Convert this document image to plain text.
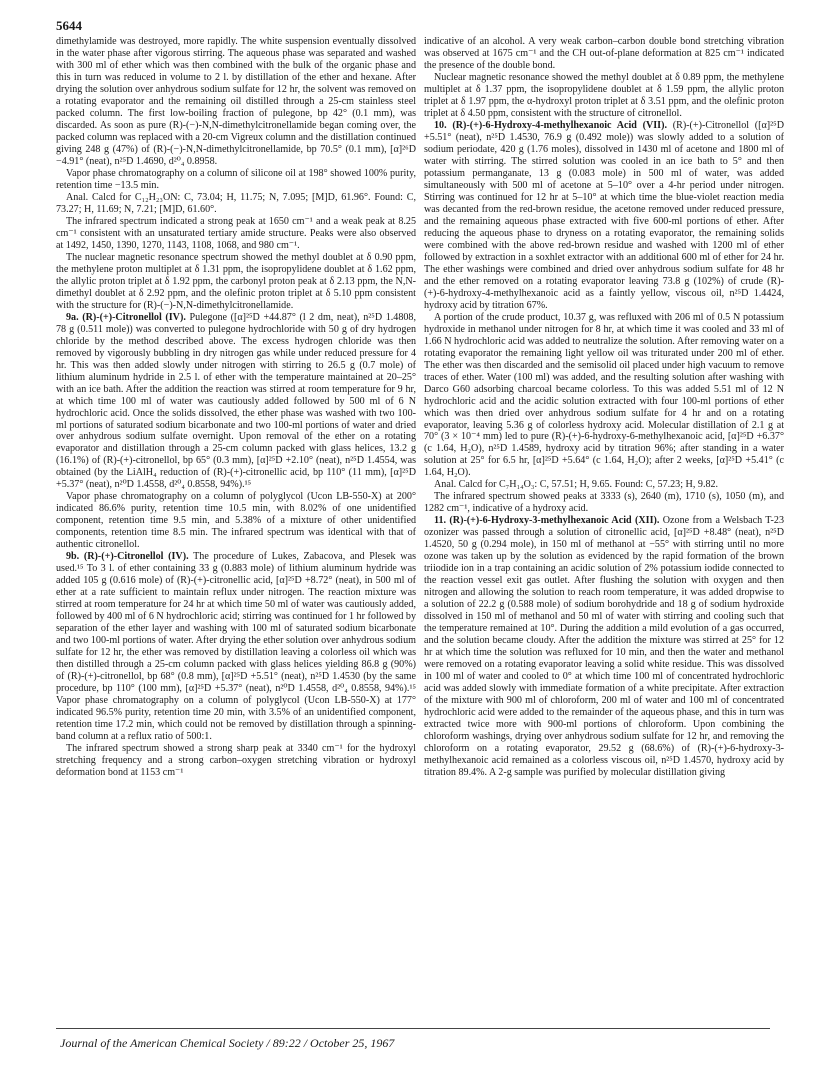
5644

dimethylamide was destroyed, more rapidly. The white suspension eventually dissolved in the water phase after vigorous stirring. The aqueous phase was separated and washed with 300 ml of ether which was then combined with the bulk of the organic phase and this in turn was reduced in volume to 2 l. by distillation of the ether and hexane. After drying the solution over anhydrous sodium sulfate for 12 hr, the solvent was removed on a rotating evaporator and the remaining oil distilled through a 25-cm stainless steel packed column. The first low-boiling fraction of pulegone, bp 42° (0.1 mm), was discarded. As soon as pure (R)-(−)-N,N-dimethylcitronellamide began coming over, the packed column was replaced with a 20-cm Vigreux column and the distillation continued giving 248 g (47%) of (R)-(−)-N,N-dimethylcitronellamide, bp 70.5° (0.1 mm), [α]²⁶D −4.91° (neat), n²⁵D 1.4690, d²⁰₄ 0.8958.

Vapor phase chromatography on a column of silicone oil at 198° showed 100% purity, retention time −13.5 min.

Anal. Calcd for C₁₂H₂₃ON: C, 73.04; H, 11.75; N, 7.095; [M]D, 61.96°. Found: C, 73.27; H, 11.69; N, 7.21; [M]D, 61.60°.

The infrared spectrum indicated a strong peak at 1650 cm⁻¹ and a weak peak at 8.25 cm⁻¹ consistent with an unsaturated tertiary amide structure. Peaks were also observed at 1492, 1450, 1390, 1270, 1143, 1108, 1068, and 980 cm⁻¹.

The nuclear magnetic resonance spectrum showed the methyl doublet at δ 0.90 ppm, the methylene proton multiplet at δ 1.31 ppm, the isopropylidene doublet at δ 1.62 ppm, the allylic proton triplet at δ 1.92 ppm, the carbonyl proton peak at δ 2.13 ppm, the N,N-dimethyl doublet at δ 2.92 ppm, and the olefinic proton triplet at δ 5.10 ppm consistent with the structure for (R)-(−)-N,N-dimethylcitronellamide.

9a. (R)-(+)-Citronellol (IV). Pulegone ([α]²⁵D +44.87° (l 2 dm, neat), n²⁵D 1.4808, 78 g (0.511 mole)) was converted to pulegone hydrochloride with 50 g of dry hydrogen chloride by the method described above. The excess hydrogen chloride was then removed by vigorously bubbling in dry nitrogen gas while under reduced pressure for 4 hr. This was then added slowly under nitrogen with stirring to 26.5 g (0.7 mole) of lithium aluminum hydride in 2.5 l. of ether with the temperature maintained at 20–25° with an ice bath. After the addition the reaction was stirred at room temperature for 9 hr, at which time 100 ml of water was cautiously added followed by 500 ml of 6 N hydrochloric acid. Once the solids dissolved, the ether phase was washed with two 100-ml portions of saturated sodium bicarbonate and two 100-ml portions of water and dried over anhydrous sodium sulfate overnight. Upon removal of the ether on a rotating evaporator and distillation through a 25-cm column packed with glass helices, 13.2 g (16.1%) of (R)-(+)-citronellol, bp 65° (0.3 mm), [α]²⁵D +2.10° (neat), n²⁵D 1.4554, was obtained (by the LiAlH₄ reduction of (R)-(+)-citronellic acid, bp 110° (11 mm), [α]²⁵D +5.37° (neat), n²⁰D 1.4558, d²⁰₄ 0.8558, 94%).¹⁵

Vapor phase chromatography on a column of polyglycol (Ucon LB-550-X) at 200° indicated 86.6% purity, retention time 10.5 min, with 8.02% of one unidentified component, retention time 9.5 min, and 5.38% of a mixture of other unidentified components, retention time 8.5 min. The infrared spectrum was identical with that of authentic citronellol.

9b. (R)-(+)-Citronellol (IV). The procedure of Lukes, Zabacova, and Plesek was used.¹⁵ To 3 l. of ether containing 33 g (0.883 mole) of lithium aluminum hydride was added 105 g (0.616 mole) of (R)-(+)-citronellic acid, [α]²⁵D +8.72° (neat), in 500 ml of ether at a rate sufficient to maintain reflux under nitrogen. The reaction mixture was stirred at room temperature for 24 hr at which time 50 ml of water was cautiously added, followed by 400 ml of 6 N hydrochloric acid; stirring was continued for 1 hr followed by separation of the ether layer and washing with 100 ml of saturated sodium bicarbonate and two 100-ml portions of water. After drying the ether solution over anhydrous sodium sulfate for 12 hr, the ether was removed by distillation leaving a colorless oil which was then distilled through a 25-cm column packed with glass helices yielding 86.8 g (90%) of (R)-(+)-citronellol, bp 68° (0.8 mm), [α]²⁵D +5.51° (neat), n²⁵D 1.4530 (by the same procedure, bp 110° (100 mm), [α]²⁵D +5.37° (neat), n²⁰D 1.4558, d²⁰₄ 0.8558, 94%).¹⁵ Vapor phase chromatography on a column of polyglycol (Ucon LB-550-X) at 177° indicated 96.5% purity, retention time 20 min, with 3.5% of an unidentified component, retention time 17.2 min, which could not be removed by distillation through a spinning-band column at a reflux ratio of 500:1.

The infrared spectrum showed a strong sharp peak at 3340 cm⁻¹ for the hydroxyl stretching frequency and a strong carbon–oxygen stretching vibration or hydroxyl deformation bond at 1153 cm⁻¹

indicative of an alcohol. A very weak carbon–carbon double bond stretching vibration was observed at 1675 cm⁻¹ and the CH out-of-plane deformation at 825 cm⁻¹ indicated the presence of the double bond.

Nuclear magnetic resonance showed the methyl doublet at δ 0.89 ppm, the methylene multiplet at δ 1.37 ppm, the isopropylidene doublet at δ 1.59 ppm, the allylic proton triplet at δ 1.97 ppm, the α-hydroxyl proton triplet at δ 3.51 ppm, and the olefinic proton triplet at δ 4.50 ppm, consistent with the structure of citronellol.

10. (R)-(+)-6-Hydroxy-4-methylhexanoic Acid (VII). (R)-(+)-Citronellol ([α]²⁵D +5.51° (neat), n²⁵D 1.4530, 76.9 g (0.492 mole)) was slowly added to a solution of sodium periodate, 420 g (1.76 moles), dissolved in 1430 ml of acetone and 1800 ml of water with stirring. The stirred solution was cooled in an ice bath to 5° and then potassium permanganate, 13 g (0.083 mole) in 500 ml of water, was added simultaneously with 500 ml of acetone at 5–10° over a 4-hr period under nitrogen. Stirring was continued for 12 hr at 5–10° at which time the blue-violet reaction media was decanted from the red-brown residue, the acetone removed under reduced pressure, and the remaining aqueous phase extracted with five 600-ml portions of ether. After reducing the aqueous phase to dryness on a rotating evaporator, the remaining solids were combined with the above red-brown residue and washed with 1200 ml of ether followed by extraction in a soxhlet extractor with an additional 600 ml of ether for 24 hr. The ether washings were combined and dried over anhydrous sodium sulfate for 48 hr and the ether removed on a rotating evaporator leaving 73.8 g (102%) of crude (R)-(+)-6-hydroxy-4-methylhexanoic acid as a faintly yellow, viscous oil, n²⁵D 1.4424, hydroxy acid by titration 67%.

A portion of the crude product, 10.37 g, was refluxed with 206 ml of 0.5 N potassium hydroxide in methanol under nitrogen for 8 hr, at which time it was cooled and 33 ml of 1.66 N hydrochloric acid was added to neutralize the solution. After removing water on a rotating evaporator the remaining light yellow oil was triturated under 200 ml of ether. The ether was then discarded and the semisolid oil placed under high vacuum to remove traces of ether. Water (100 ml) was added, and the resulting solution after washing with Darco G60 adsorbing charcoal became colorless. To this was added 5.51 ml of 12 N hydrochloric acid and the acidic solution extracted with four 100-ml portions of ether which was then dried over anhydrous sodium sulfate for 4 hr and on a rotating evaporator, leaving 5.36 g of colorless hydroxy acid. Molecular distillation of 2.1 g at 70° (3 × 10⁻⁴ mm) led to pure (R)-(+)-6-hydroxy-6-methylhexanoic acid, [α]²⁵D +6.37° (c 1.64, H₂O), n²⁵D 1.4589, hydroxy acid by titration 96%; after standing in a water solution at 25° for 6.5 hr, [α]²⁵D +5.64° (c 1.64, H₂O); after 2 weeks, [α]²⁵D +5.41° (c 1.64, H₂O).

Anal. Calcd for C₇H₁₄O₃: C, 57.51; H, 9.65. Found: C, 57.23; H, 9.82.

The infrared spectrum showed peaks at 3333 (s), 2640 (m), 1710 (s), 1050 (m), and 1282 cm⁻¹, indicative of a hydroxy acid.

11. (R)-(+)-6-Hydroxy-3-methylhexanoic Acid (XII). Ozone from a Welsbach T-23 ozonizer was passed through a solution of citronellic acid, [α]²⁵D +8.48° (neat), n²⁵D 1.4520, 50 g (0.294 mole), in 150 ml of methanol at −55° with stirring until no more ozone was taken up by the solution as evidenced by the rapid formation of the brown triiodide ion in a trap containing an acidic solution of 2% potassium iodide connected to the reaction vessel exit gas outlet. After flushing the solution with oxygen and then nitrogen and allowing the solution to reach room temperature, it was added dropwise to a solution of 22.2 g (0.588 mole) of sodium borohydride and 18 g of sodium hydroxide dissolved in 150 ml of methanol and 50 ml of water with stirring and cooling such that the temperature remained at 10°. During the addition a mild evolution of a gas occurred, and the solution became cloudy. After the addition the mixture was stirred at 25° for 12 hr at which time the solution was refluxed for 10 min, and then the water and methanol were removed on a rotating evaporator leaving a solid white residue. This was dissolved in 100 ml of water and cooled to 0° at which time 100 ml of concentrated hydrochloric acid was added slowly with immediate formation of a white precipitate. After extraction of the mixture with 900 ml of chloroform, 200 ml of water and 100 ml of concentrated hydrochloric acid were added to the remainder of the aqueous phase, and this in turn was extracted twice more with 900-ml portions of chloroform. Upon combining the chloroform washings, drying over anhydrous sodium sulfate for 12 hr, and removing the chloroform on a rotating evaporator, 29.52 g (68.6%) of (R)-(+)-6-hydroxy-3-methylhexanoic acid remained as a colorless viscous oil, n²⁵D 1.4570, hydroxy acid by titration 89.4%. A 2-g sample was purified by molecular distillation giving

Journal of the American Chemical Society / 89:22 / October 25, 1967
